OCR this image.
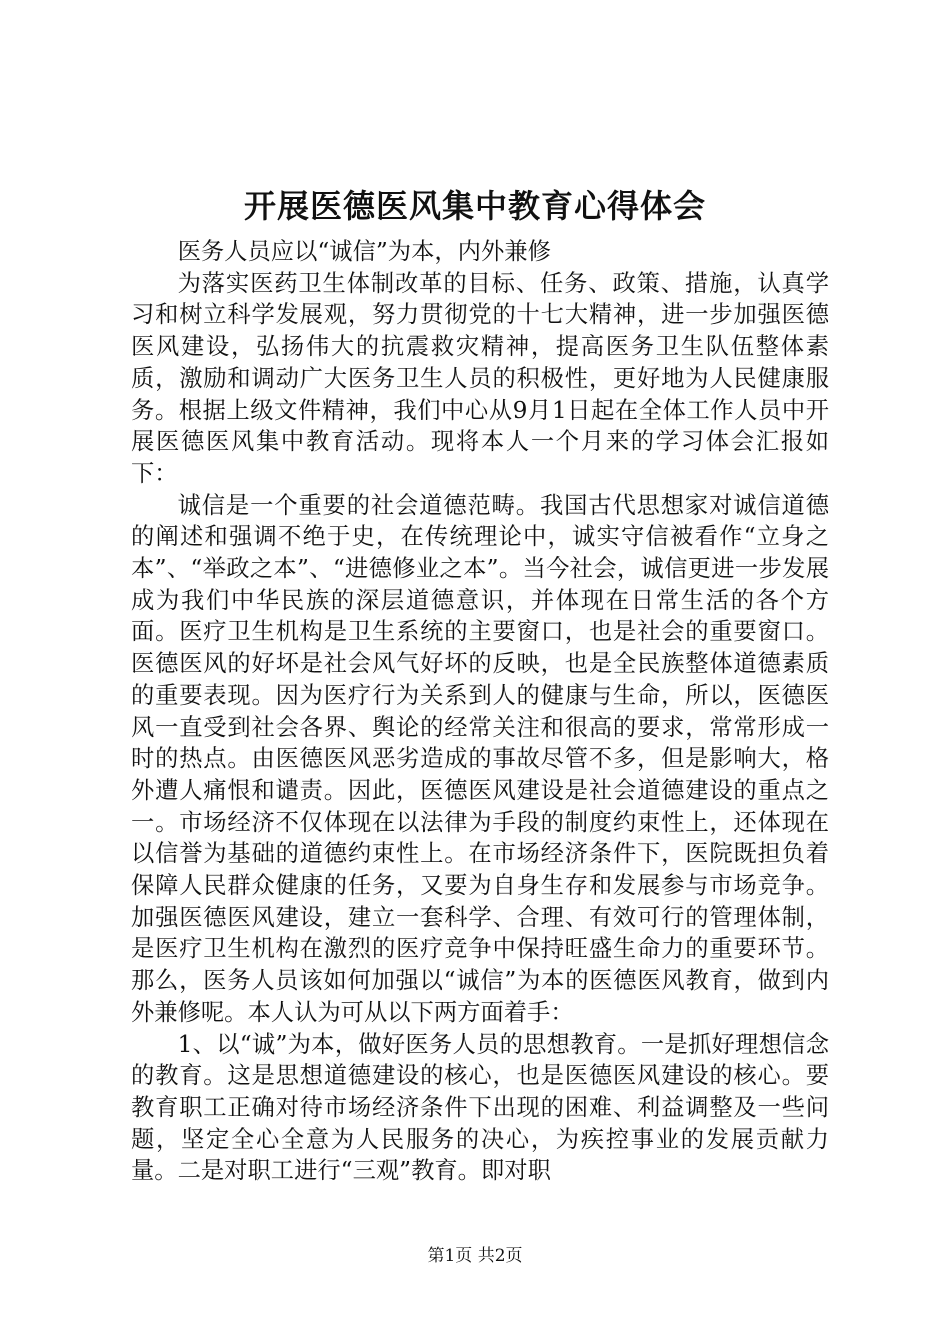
开展医德医风集中教育心得体会

医务人员应以“诚信”为本，内外兼修

为落实医药卫生体制改革的目标、任务、政策、措施，认真学习和树立科学发展观，努力贯彻党的十七大精神，进一步加强医德医风建设，弘扬伟大的抗震救灾精神，提高医务卫生队伍整体素质，激励和调动广大医务卫生人员的积极性，更好地为人民健康服务。根据上级文件精神，我们中心从9月1日起在全体工作人员中开展医德医风集中教育活动。现将本人一个月来的学习体会汇报如下：

诚信是一个重要的社会道德范畴。我国古代思想家对诚信道德的阐述和强调不绝于史，在传统理论中，诚实守信被看作“立身之本”、“举政之本”、“进德修业之本”。当今社会，诚信更进一步发展成为我们中华民族的深层道德意识，并体现在日常生活的各个方面。医疗卫生机构是卫生系统的主要窗口，也是社会的重要窗口。医德医风的好坏是社会风气好坏的反映，也是全民族整体道德素质的重要表现。因为医疗行为关系到人的健康与生命，所以，医德医风一直受到社会各界、舆论的经常关注和很高的要求，常常形成一时的热点。由医德医风恶劣造成的事故尽管不多，但是影响大，格外遭人痛恨和谴责。因此，医德医风建设是社会道德建设的重点之一。市场经济不仅体现在以法律为手段的制度约束性上，还体现在以信誉为基础的道德约束性上。在市场经济条件下，医院既担负着保障人民群众健康的任务，又要为自身生存和发展参与市场竞争。加强医德医风建设，建立一套科学、合理、有效可行的管理体制，是医疗卫生机构在激烈的医疗竞争中保持旺盛生命力的重要环节。那么，医务人员该如何加强以“诚信”为本的医德医风教育，做到内外兼修呢。本人认为可从以下两方面着手：

1、以“诚”为本，做好医务人员的思想教育。一是抓好理想信念的教育。这是思想道德建设的核心，也是医德医风建设的核心。要教育职工正确对待市场经济条件下出现的困难、利益调整及一些问题，坚定全心全意为人民服务的决心，为疾控事业的发展贡献力量。二是对职工进行“三观”教育。即对职

第1页 共2页
